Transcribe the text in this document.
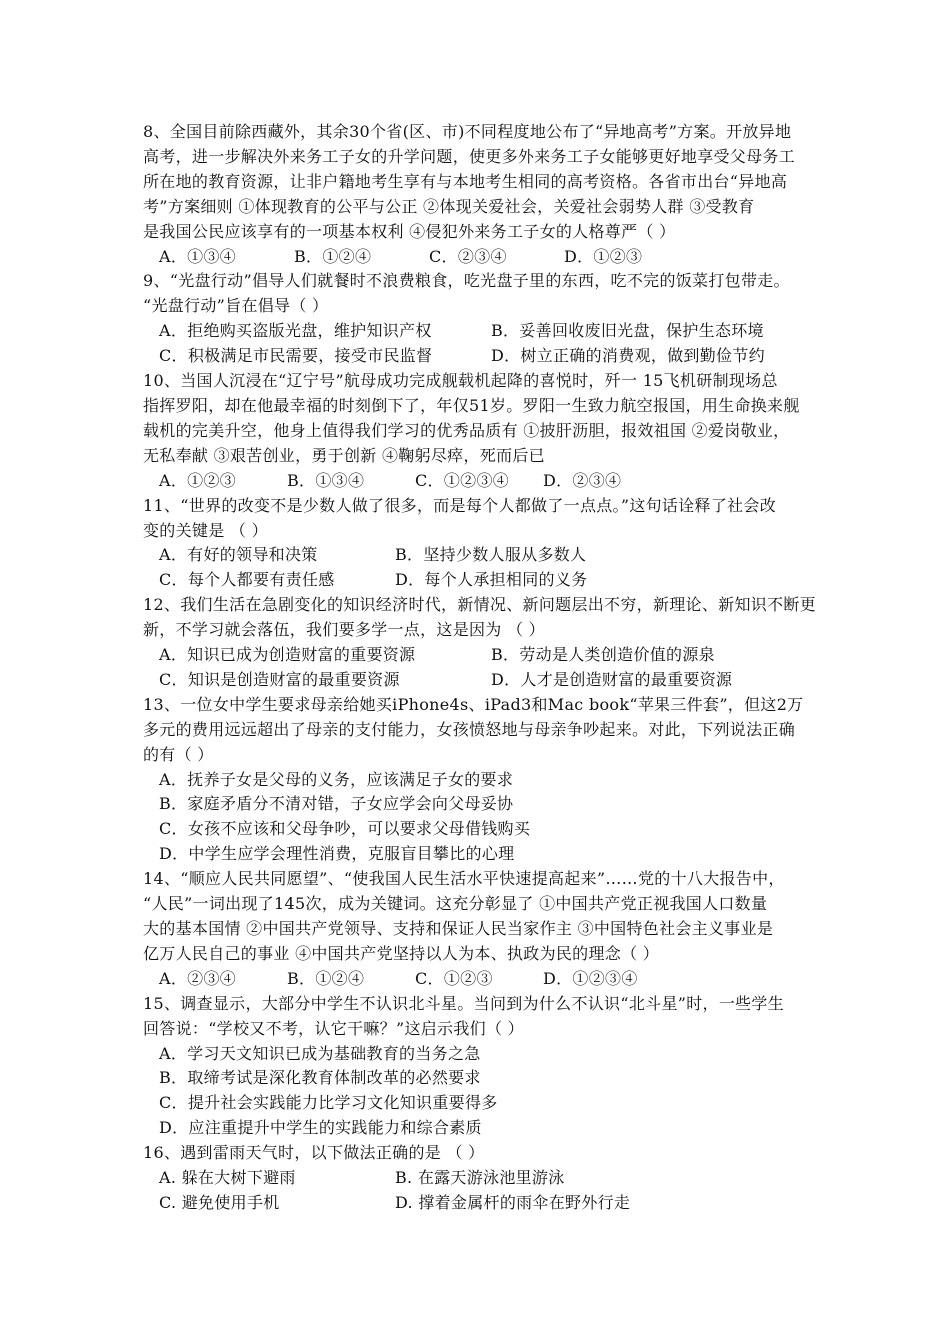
8、全国目前除西藏外，其余30个省(区、市)不同程度地公布了“异地高考”方案。开放异地
高考，进一步解决外来务工子女的升学问题，使更多外来务工子女能够更好地享受父母务工
所在地的教育资源，让非户籍地考生享有与本地考生相同的高考资格。各省市出台“异地高
考”方案细则 ①体现教育的公平与公正 ②体现关爱社会，关爱社会弱势人群 ③受教育
是我国公民应该享有的一项基本权利 ④侵犯外来务工子女的人格尊严（ ）
A．①③④	B．①②④	C．②③④	D．①②③
9、“光盘行动”倡导人们就餐时不浪费粮食，吃光盘子里的东西，吃不完的饭菜打包带走。
“光盘行动”旨在倡导（ ）
A．拒绝购买盗版光盘，维护知识产权	B．妥善回收废旧光盘，保护生态环境
C．积极满足市民需要，接受市民监督	D．树立正确的消费观，做到勤俭节约
10、当国人沉浸在“辽宁号”航母成功完成舰载机起降的喜悦时，歼一 15飞机研制现场总
指挥罗阳，却在他最幸福的时刻倒下了，年仅51岁。罗阳一生致力航空报国，用生命换来舰
载机的完美升空，他身上值得我们学习的优秀品质有 ①披肝沥胆，报效祖国 ②爱岗敬业，
无私奉献 ③艰苦创业，勇于创新 ④鞠躬尽瘁，死而后已
A．①②③	B．①③④	C．①②③④	D．②③④
11、“世界的改变不是少数人做了很多，而是每个人都做了一点点。”这句话诠释了社会改
变的关键是 （ ）
A．有好的领导和决策	B．坚持少数人服从多数人
C．每个人都要有责任感	D．每个人承担相同的义务
12、我们生活在急剧变化的知识经济时代，新情况、新问题层出不穷，新理论、新知识不断更
新，不学习就会落伍，我们要多学一点，这是因为 （ ）
A．知识已成为创造财富的重要资源	B．劳动是人类创造价值的源泉
C．知识是创造财富的最重要资源	D．人才是创造财富的最重要资源
13、一位女中学生要求母亲给她买iPhone4s、iPad3和Mac book“苹果三件套”，但这2万
多元的费用远远超出了母亲的支付能力，女孩愤怒地与母亲争吵起来。对此，下列说法正确
的有（ ）
A．抚养子女是父母的义务，应该满足子女的要求
B．家庭矛盾分不清对错，子女应学会向父母妥协
C．女孩不应该和父母争吵，可以要求父母借钱购买
D．中学生应学会理性消费，克服盲目攀比的心理
14、“顺应人民共同愿望”、“使我国人民生活水平快速提高起来”……党的十八大报告中，
“人民”一词出现了145次，成为关键词。这充分彰显了 ①中国共产党正视我国人口数量
大的基本国情 ②中国共产党领导、支持和保证人民当家作主 ③中国特色社会主义事业是
亿万人民自己的事业 ④中国共产党坚持以人为本、执政为民的理念（ ）
A．②③④	B．①②④	C．①②③	D．①②③④
15、调查显示，大部分中学生不认识北斗星。当问到为什么不认识“北斗星”时，一些学生
回答说：“学校又不考，认它干嘛？”这启示我们（ ）
A．学习天文知识已成为基础教育的当务之急
B．取缔考试是深化教育体制改革的必然要求
C．提升社会实践能力比学习文化知识重要得多
D．应注重提升中学生的实践能力和综合素质
16、遇到雷雨天气时，以下做法正确的是 （ ）
A. 躲在大树下避雨	B. 在露天游泳池里游泳
C. 避免使用手机	D. 撑着金属杆的雨伞在野外行走
